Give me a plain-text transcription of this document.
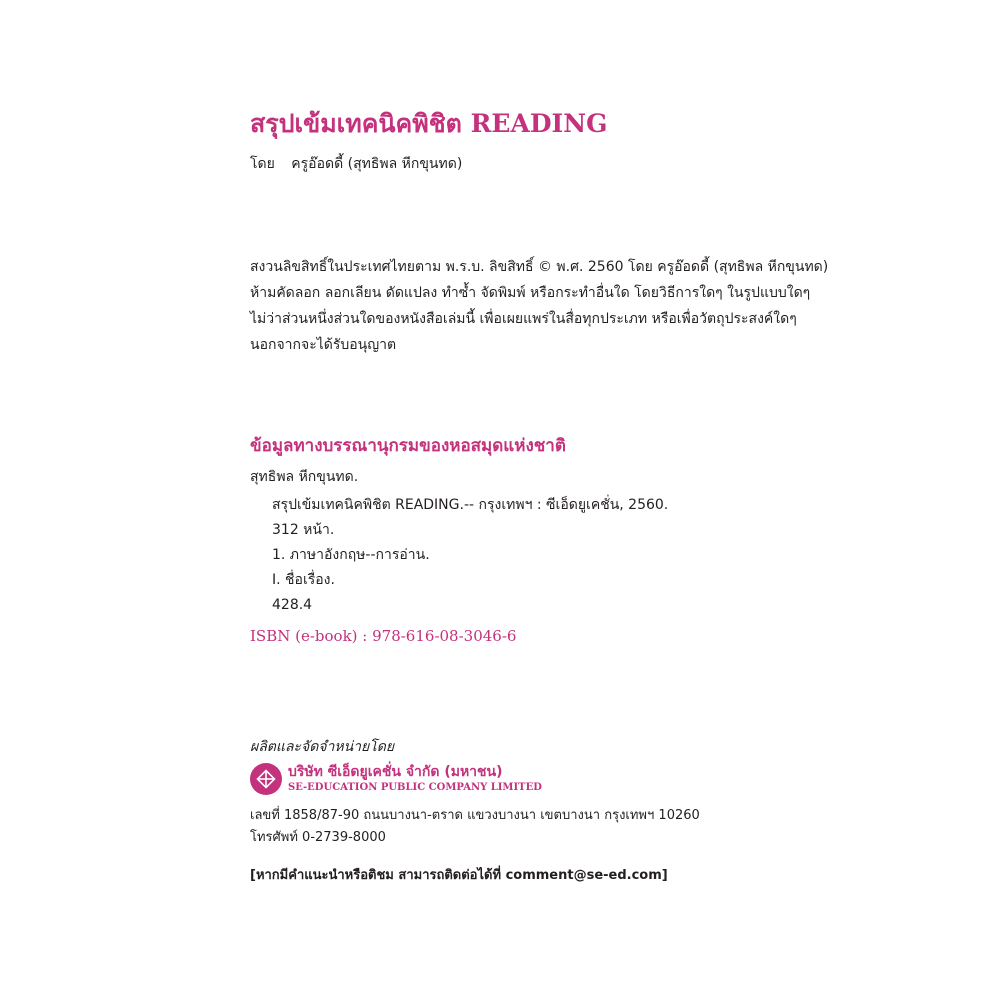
สรุปเข้มเทคนิคพิชิต READING
โดย ครูอ๊อดดี้ (สุทธิพล หีกขุนทด)
สงวนลิขสิทธิ์ในประเทศไทยตาม พ.ร.บ. ลิขสิทธิ์ © พ.ศ. 2560 โดย ครูอ๊อดดี้ (สุทธิพล หีกขุนทด)
ห้ามคัดลอก ลอกเลียน ดัดแปลง ทำซ้ำ จัดพิมพ์ หรือกระทำอื่นใด โดยวิธีการใดๆ ในรูปแบบใดๆ
ไม่ว่าส่วนหนึ่งส่วนใดของหนังสือเล่มนี้ เพื่อเผยแพร่ในสื่อทุกประเภท หรือเพื่อวัตถุประสงค์ใดๆ
นอกจากจะได้รับอนุญาต
ข้อมูลทางบรรณานุกรมของหอสมุดแห่งชาติ
สุทธิพล หีกขุนทด.
สรุปเข้มเทคนิคพิชิต READING.-- กรุงเทพฯ : ซีเอ็ดยูเคชั่น, 2560.
312 หน้า.
1. ภาษาอังกฤษ--การอ่าน.
I. ชื่อเรื่อง.
428.4
ISBN (e-book) : 978-616-08-3046-6
ผลิตและจัดจำหน่ายโดย
บริษัท ซีเอ็ดยูเคชั่น จำกัด (มหาชน)
SE-EDUCATION PUBLIC COMPANY LIMITED
เลขที่ 1858/87-90 ถนนบางนา-ตราด แขวงบางนา เขตบางนา กรุงเทพฯ 10260
โทรศัพท์ 0-2739-8000
[หากมีคำแนะนำหรือติชม สามารถติดต่อได้ที่ comment@se-ed.com]
